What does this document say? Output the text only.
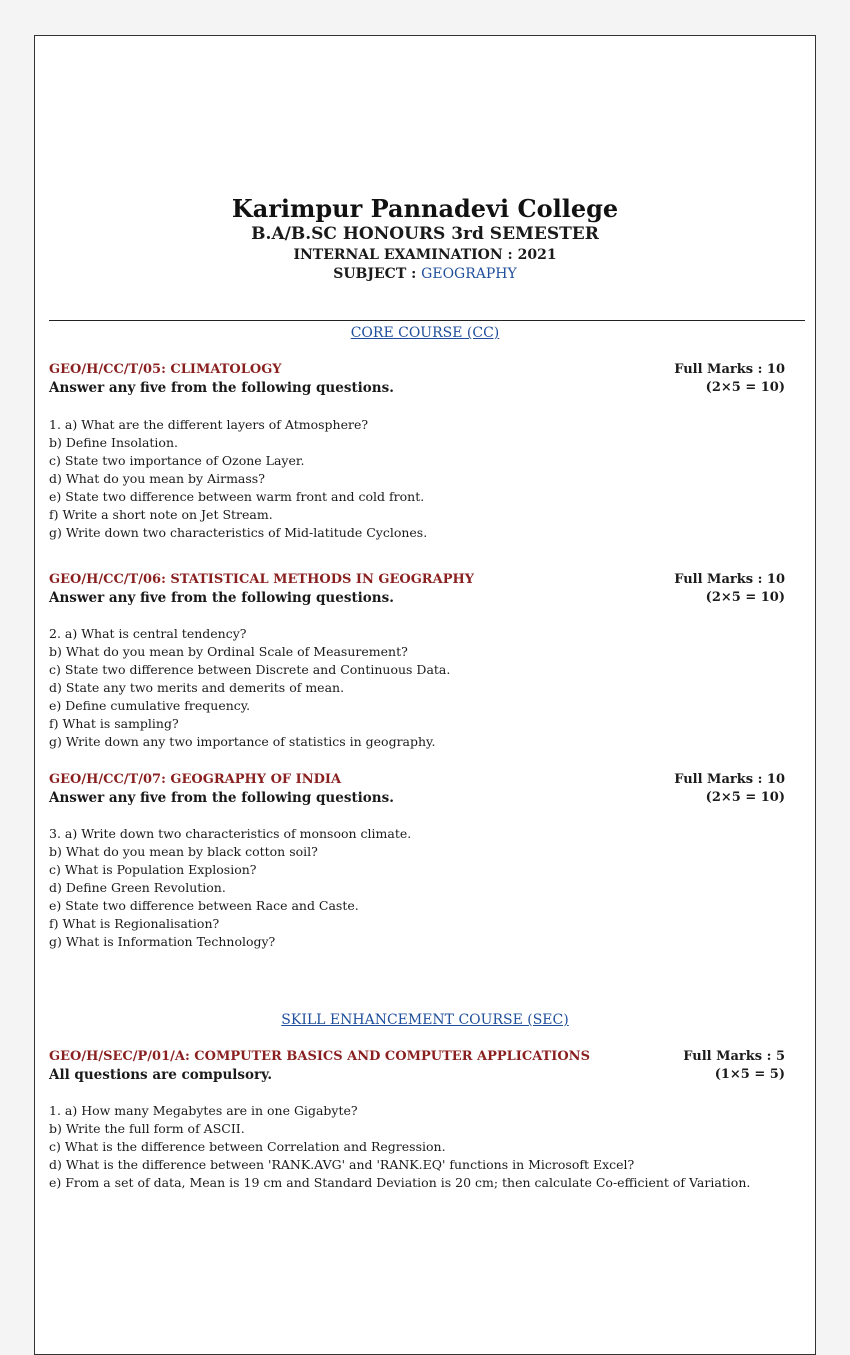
Karimpur Pannadevi College
B.A/B.SC HONOURS 3rd SEMESTER
INTERNAL EXAMINATION : 2021
SUBJECT : GEOGRAPHY
CORE COURSE (CC)
GEO/H/CC/T/05: CLIMATOLOGY
Answer any five from the following questions.
Full Marks : 10
(2×5 = 10)
1. a) What are the different layers of Atmosphere?
b) Define Insolation.
c) State two importance of Ozone Layer.
d) What do you mean by Airmass?
e) State two difference between warm front and cold front.
f) Write a short note on Jet Stream.
g) Write down two characteristics of Mid-latitude Cyclones.
GEO/H/CC/T/06: STATISTICAL METHODS IN GEOGRAPHY
Answer any five from the following questions.
Full Marks : 10
(2×5 = 10)
2. a) What is central tendency?
b) What do you mean by Ordinal Scale of Measurement?
c) State two difference between Discrete and Continuous Data.
d) State any two merits and demerits of mean.
e) Define cumulative frequency.
f) What is sampling?
g) Write down any two importance of statistics in geography.
GEO/H/CC/T/07: GEOGRAPHY OF INDIA
Answer any five from the following questions.
Full Marks : 10
(2×5 = 10)
3. a) Write down two characteristics of monsoon climate.
b) What do you mean by black cotton soil?
c) What is Population Explosion?
d) Define Green Revolution.
e) State two difference between Race and Caste.
f) What is Regionalisation?
g) What is Information Technology?
SKILL ENHANCEMENT COURSE (SEC)
GEO/H/SEC/P/01/A: COMPUTER BASICS AND COMPUTER APPLICATIONS
All questions are compulsory.
Full Marks : 5
(1×5 = 5)
1. a) How many Megabytes are in one Gigabyte?
b) Write the full form of ASCII.
c) What is the difference between Correlation and Regression.
d) What is the difference between 'RANK.AVG' and 'RANK.EQ' functions in Microsoft Excel?
e) From a set of data, Mean is 19 cm and Standard Deviation is 20 cm; then calculate Co-efficient of Variation.
